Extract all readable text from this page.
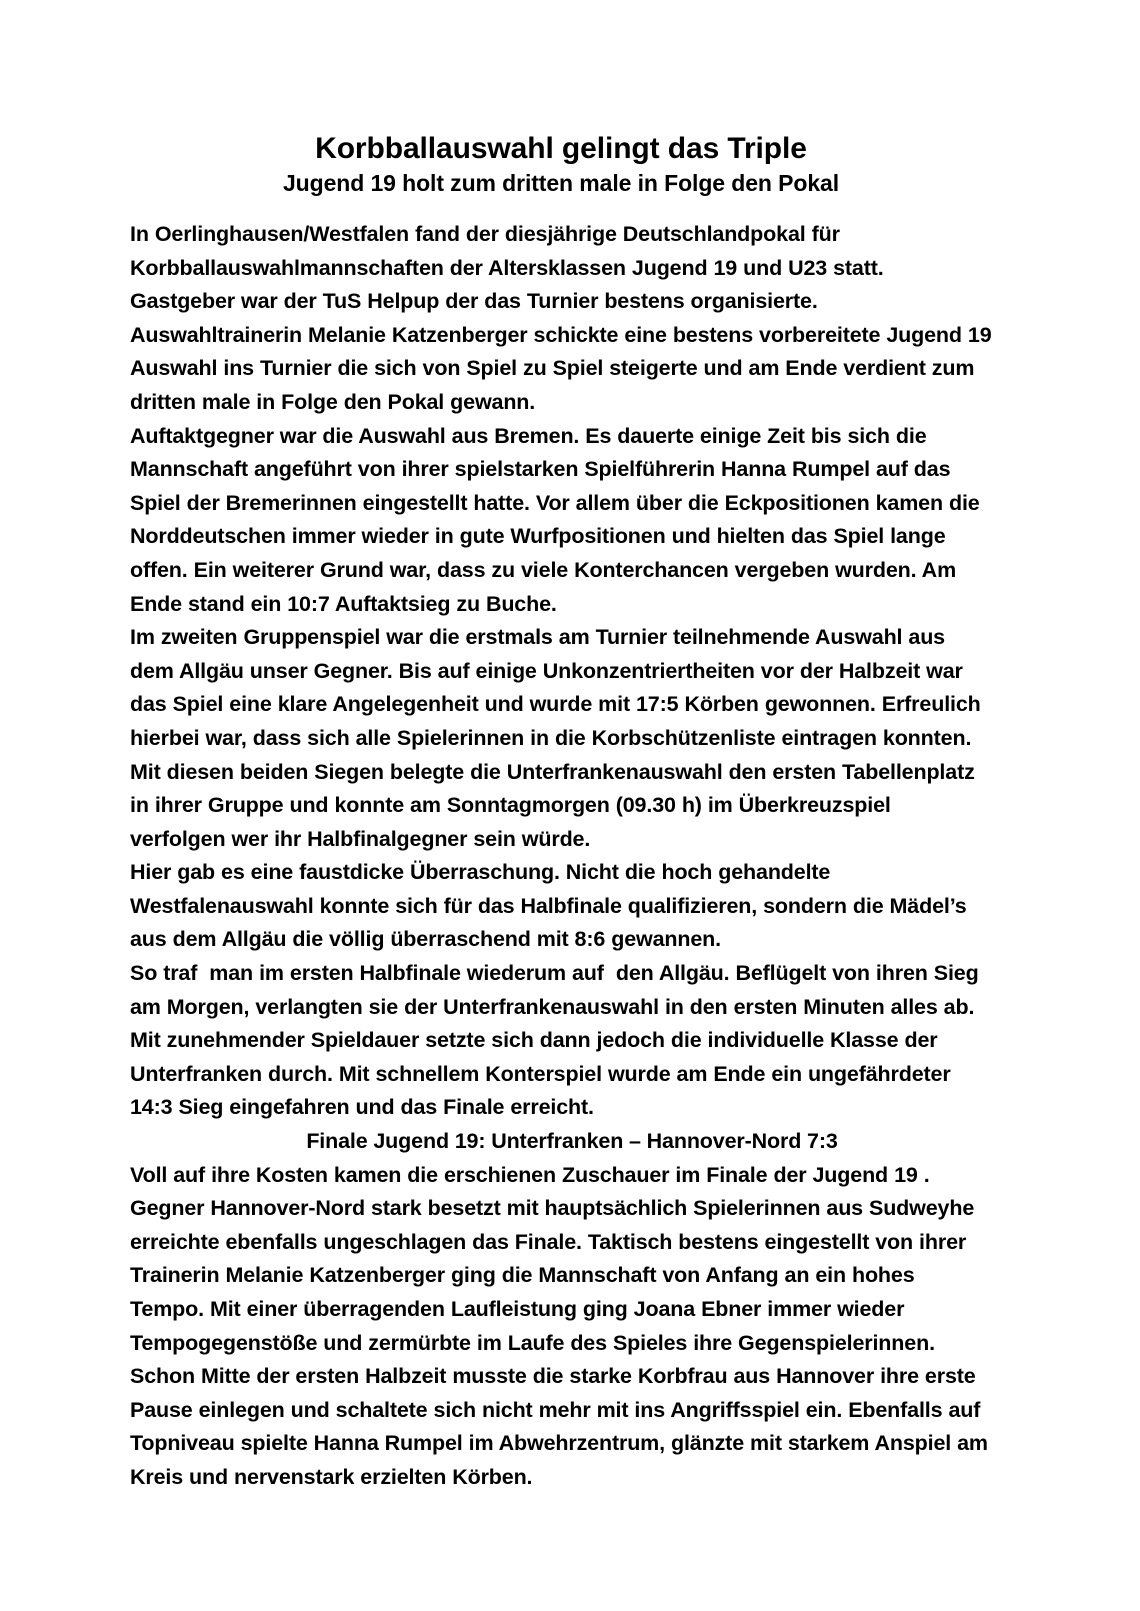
Korbballauswahl gelingt das Triple
Jugend 19 holt zum dritten male in Folge den Pokal

In Oerlinghausen/Westfalen fand der diesjährige Deutschlandpokal für Korbballauswahlmannschaften der Altersklassen Jugend 19 und U23 statt. Gastgeber war der TuS Helpup der das Turnier bestens organisierte.

Auswahltrainerin Melanie Katzenberger schickte eine bestens vorbereitete Jugend 19 Auswahl ins Turnier die sich von Spiel zu Spiel steigerte und am Ende verdient zum dritten male in Folge den Pokal gewann.

Auftaktgegner war die Auswahl aus Bremen. Es dauerte einige Zeit bis sich die Mannschaft angeführt von ihrer spielstarken Spielführerin Hanna Rumpel auf das Spiel der Bremerinnen eingestellt hatte. Vor allem über die Eckpositionen kamen die Norddeutschen immer wieder in gute Wurfpositionen und hielten das Spiel lange offen. Ein weiterer Grund war, dass zu viele Konterchancen vergeben wurden. Am Ende stand ein 10:7 Auftaktsieg zu Buche.

Im zweiten Gruppenspiel war die erstmals am Turnier teilnehmende Auswahl aus dem Allgäu unser Gegner. Bis auf einige Unkonzentriertheiten vor der Halbzeit war das Spiel eine klare Angelegenheit und wurde mit 17:5 Körben gewonnen. Erfreulich hierbei war, dass sich alle Spielerinnen in die Korbschützenliste eintragen konnten.

Mit diesen beiden Siegen belegte die Unterfrankenauswahl den ersten Tabellenplatz in ihrer Gruppe und konnte am Sonntagmorgen (09.30 h) im Überkreuzspiel verfolgen wer ihr Halbfinalgegner sein würde.

Hier gab es eine faustdicke Überraschung. Nicht die hoch gehandelte Westfalenauswahl konnte sich für das Halbfinale qualifizieren, sondern die Mädel’s aus dem Allgäu die völlig überraschend mit 8:6 gewannen.

So traf  man im ersten Halbfinale wiederum auf  den Allgäu. Beflügelt von ihren Sieg am Morgen, verlangten sie der Unterfrankenauswahl in den ersten Minuten alles ab. Mit zunehmender Spieldauer setzte sich dann jedoch die individuelle Klasse der Unterfranken durch. Mit schnellem Konterspiel wurde am Ende ein ungefährdeter 14:3 Sieg eingefahren und das Finale erreicht.

Finale Jugend 19: Unterfranken – Hannover-Nord 7:3

Voll auf ihre Kosten kamen die erschienen Zuschauer im Finale der Jugend 19 . Gegner Hannover-Nord stark besetzt mit hauptsächlich Spielerinnen aus Sudweyhe erreichte ebenfalls ungeschlagen das Finale. Taktisch bestens eingestellt von ihrer Trainerin Melanie Katzenberger ging die Mannschaft von Anfang an ein hohes Tempo. Mit einer überragenden Laufleistung ging Joana Ebner immer wieder Tempogegenstöße und zermürbte im Laufe des Spieles ihre Gegenspielerinnen. Schon Mitte der ersten Halbzeit musste die starke Korbfrau aus Hannover ihre erste Pause einlegen und schaltete sich nicht mehr mit ins Angriffsspiel ein. Ebenfalls auf Topniveau spielte Hanna Rumpel im Abwehrzentrum, glänzte mit starkem Anspiel am Kreis und nervenstark erzielten Körben.
